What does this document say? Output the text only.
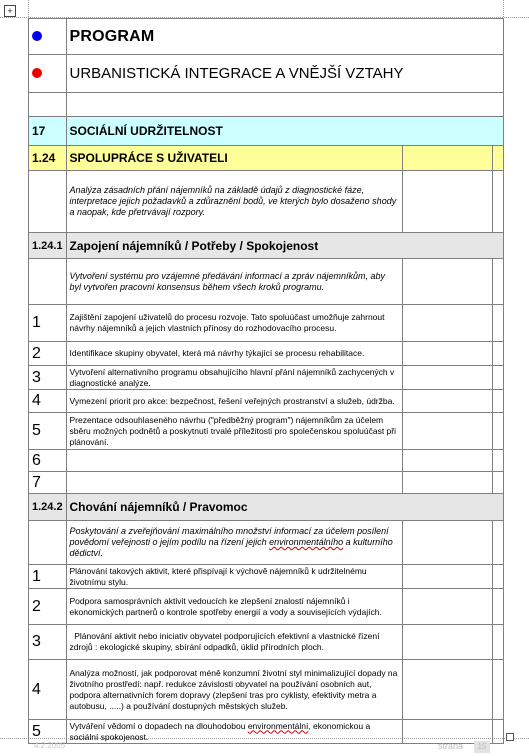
+
	PROGRAM		
	URBANISTICKÁ INTEGRACE A VNĚJŠÍ VZTAHY		

17	SOCIÁLNÍ UDRŽITELNOST		
1.24	SPOLUPRÁCE S UŽIVATELI		
	Analýza zásadních přání nájemníků na základě údajů z diagnostické fáze, interpretace jejich požadavků a zdůraznění bodů, ve kterých bylo dosaženo shody a naopak, kde přetrvávají rozpory.		
1.24.1	Zapojení nájemníků / Potřeby / Spokojenost		
	Vytvoření systému pro vzájemné předávání informací a zpráv nájemníkům, aby byl vytvořen pracovní konsensus během všech kroků programu.		
1	Zajištění zapojení uživatelů do procesu rozvoje. Tato spoluúčast umožňuje zahrnout návrhy nájemníků a jejich vlastních přínosy do rozhodovacího procesu.		
2	Identifikace skupiny obyvatel, která má návrhy týkající se procesu rehabilitace.		
3	Vytvoření alternativního programu obsahujícího hlavní přání nájemníků zachycených v diagnostické analýze.		
4	Vymezení priorit pro akce: bezpečnost, řešení veřejných prostranství a služeb, údržba.		
5	Prezentace odsouhlaseného návrhu ("předběžný program") nájemníkům za účelem sběru možných podnětů a poskytnutí trvalé příležitosti pro společenskou spoluúčast při plánování.		
6			
7			
1.24.2	Chování nájemníků / Pravomoc		
	Poskytování a zveřejňování maximálního množství informací za účelem posílení povědomí veřejnosti o jejím podílu na řízení jejich environmentálního a kulturního dědictví.		
1	Plánování takových aktivit, které přispívají k výchově nájemníků k udržitelnému životnímu stylu.		
2	Podpora samosprávních aktivit vedoucích ke zlepšení znalostí nájemníků i ekonomických partnerů o kontrole spotřeby energií a vody a souvisejících výdajích.		
3	Plánování aktivit nebo iniciativ obyvatel podporujících efektivní a vlastnické řízení zdrojů : ekologické skupiny, sbírání odpadků, úklid přírodních ploch.		
4	Analýza možností, jak podporovat méně konzumní životní styl minimalizující dopady na životního prostředí: např. redukce závislosti obyvatel na používání osobních aut, podpora alternativních forem dopravy (zlepšení tras pro cyklisty, efektivity metra a autobusu, .....) a používání dostupných městských služeb.		
5	Vytváření vědomí o dopadech na dlouhodobou environmentální, ekonomickou a sociální spokojenost.		
4.2.2005	strana	15
